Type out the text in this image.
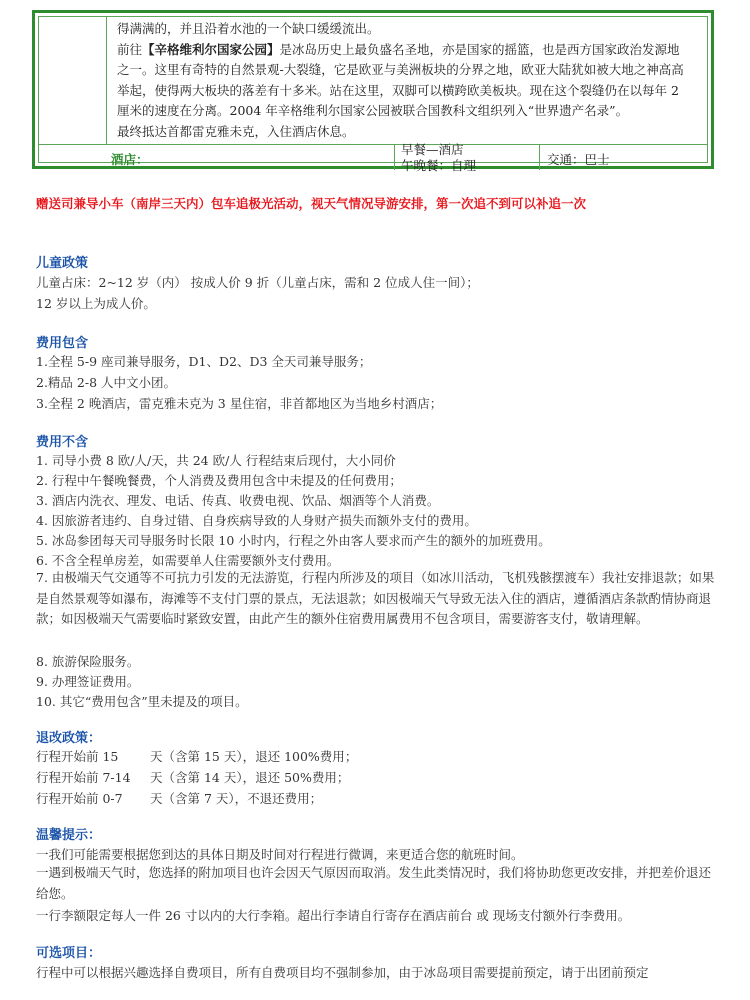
得满满的，并且沿着水池的一个缺口缓缓流出。

前往【辛格维利尔国家公园】是冰岛历史上最负盛名圣地，亦是国家的摇篮，也是西方国家政治发源地

之一。这里有奇特的自然景观-大裂缝，它是欧亚与美洲板块的分界之地，欧亚大陆犹如被大地之神高高

举起，使得两大板块的落差有十多米。站在这里，双脚可以横跨欧美板块。现在这个裂缝仍在以每年 2

厘米的速度在分离。2004 年辛格维利尔国家公园被联合国教科文组织列入“世界遗产名录”。

最终抵达首都雷克雅未克，入住酒店休息。

酒店：
早餐—酒店
午晚餐：自理	交通：巴士
赠送司兼导小车（南岸三天内）包车追极光活动，视天气情况导游安排，第一次追不到可以补追一次
儿童政策
儿童占床：2~12 岁（内） 按成人价 9 折（儿童占床，需和 2 位成人住一间）；
12 岁以上为成人价。
费用包含
1.全程 5-9 座司兼导服务，D1、D2、D3 全天司兼导服务；
2.精品 2-8 人中文小团。
3.全程 2 晚酒店，雷克雅未克为 3 星住宿，非首都地区为当地乡村酒店；
费用不含
1. 司导小费 8 欧/人/天，共 24 欧/人 行程结束后现付，大小同价
2. 行程中午餐晚餐费，个人消费及费用包含中未提及的任何费用；
3. 酒店内洗衣、理发、电话、传真、收费电视、饮品、烟酒等个人消费。
4. 因旅游者违约、自身过错、自身疾病导致的人身财产损失而额外支付的费用。
5. 冰岛参团每天司导服务时长限 10 小时内，行程之外由客人要求而产生的额外的加班费用。
6. 不含全程单房差，如需要单人住需要额外支付费用。
7. 由极端天气交通等不可抗力引发的无法游览，行程内所涉及的项目（如冰川活动，飞机残骸摆渡车）我社安排退款；如果是自然景观等如瀑布，海滩等不支付门票的景点，无法退款；如因极端天气导致无法入住的酒店，遵循酒店条款酌情协商退款；如因极端天气需要临时紧致安置，由此产生的额外住宿费用属费用不包含项目，需要游客支付，敬请理解。
8. 旅游保险服务。
9. 办理签证费用。
10. 其它“费用包含”里未提及的项目。
退改政策：
行程开始前 15	天（含第 15 天），退还 100%费用；
行程开始前 7-14 天（含第 14 天），退还 50%费用；
行程开始前 0-7 天（含第 7 天），不退还费用；
温馨提示：
一我们可能需要根据您到达的具体日期及时间对行程进行微调，来更适合您的航班时间。
一遇到极端天气时，您选择的附加项目也许会因天气原因而取消。发生此类情况时，我们将协助您更改安排，并把差价退还给您。
一行李额限定每人一件 26 寸以内的大行李箱。超出行李请自行寄存在酒店前台 或 现场支付额外行李费用。
可选项目：
行程中可以根据兴趣选择自费项目，所有自费项目均不强制参加，由于冰岛项目需要提前预定，请于出团前预定
